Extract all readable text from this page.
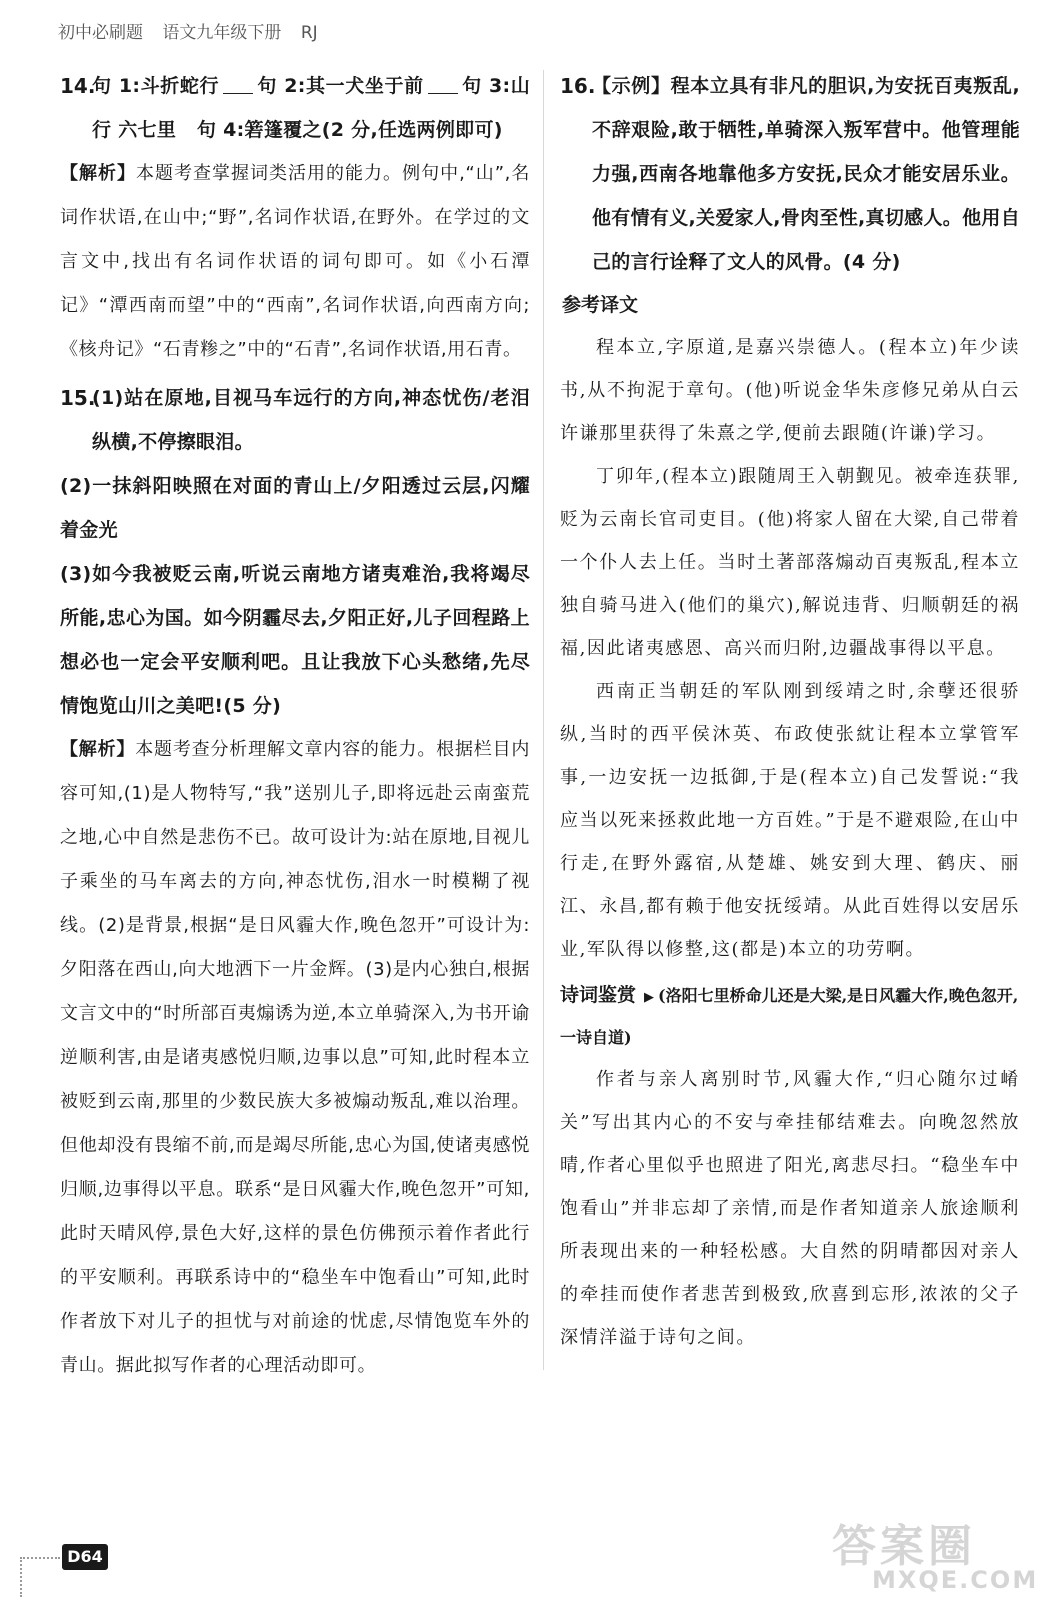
初中必刷题 语文九年级下册 RJ
14.
句 1:斗折蛇行 句 2:其一犬坐于前 句 3:山行 六七里 句 4:箬篷覆之(2 分,任选两例即可)
【解析】本题考查掌握词类活用的能力。例句中,“山”,名词作状语,在山中;“野”,名词作状语,在野外。在学过的文言文中,找出有名词作状语的词句即可。如《小石潭记》“潭西南而望”中的“西南”,名词作状语,向西南方向;《核舟记》“石青糁之”中的“石青”,名词作状语,用石青。
15.
(1)站在原地,目视马车远行的方向,神态忧伤/老泪纵横,不停擦眼泪。
(2)一抹斜阳映照在对面的青山上/夕阳透过云层,闪耀着金光
(3)如今我被贬云南,听说云南地方诸夷难治,我将竭尽所能,忠心为国。如今阴霾尽去,夕阳正好,儿子回程路上想必也一定会平安顺利吧。且让我放下心头愁绪,先尽情饱览山川之美吧!(5 分)
【解析】本题考查分析理解文章内容的能力。根据栏目内容可知,(1)是人物特写,“我”送别儿子,即将远赴云南蛮荒之地,心中自然是悲伤不已。故可设计为:站在原地,目视儿子乘坐的马车离去的方向,神态忧伤,泪水一时模糊了视线。(2)是背景,根据“是日风霾大作,晚色忽开”可设计为:夕阳落在西山,向大地洒下一片金辉。(3)是内心独白,根据文言文中的“时所部百夷煽诱为逆,本立单骑深入,为书开谕逆顺利害,由是诸夷感悦归顺,边事以息”可知,此时程本立被贬到云南,那里的少数民族大多被煽动叛乱,难以治理。但他却没有畏缩不前,而是竭尽所能,忠心为国,使诸夷感悦归顺,边事得以平息。联系“是日风霾大作,晚色忽开”可知,此时天晴风停,景色大好,这样的景色仿佛预示着作者此行的平安顺利。再联系诗中的“稳坐车中饱看山”可知,此时作者放下对儿子的担忧与对前途的忧虑,尽情饱览车外的青山。据此拟写作者的心理活动即可。
16.
【示例】程本立具有非凡的胆识,为安抚百夷叛乱,不辞艰险,敢于牺牲,单骑深入叛军营中。他管理能力强,西南各地靠他多方安抚,民众才能安居乐业。他有情有义,关爱家人,骨肉至性,真切感人。他用自己的言行诠释了文人的风骨。(4 分)
参考译文

程本立,字原道,是嘉兴崇德人。(程本立)年少读书,从不拘泥于章句。(他)听说金华朱彦修兄弟从白云许谦那里获得了朱熹之学,便前去跟随(许谦)学习。

丁卯年,(程本立)跟随周王入朝觐见。被牵连获罪,贬为云南长官司吏目。(他)将家人留在大梁,自己带着一个仆人去上任。当时土著部落煽动百夷叛乱,程本立独自骑马进入(他们的巢穴),解说违背、归顺朝廷的祸福,因此诸夷感恩、高兴而归附,边疆战事得以平息。

西南正当朝廷的军队刚到绥靖之时,余孽还很骄纵,当时的西平侯沐英、布政使张紞让程本立掌管军事,一边安抚一边抵御,于是(程本立)自己发誓说:“我应当以死来拯救此地一方百姓。”于是不避艰险,在山中行走,在野外露宿,从楚雄、姚安到大理、鹤庆、丽江、永昌,都有赖于他安抚绥靖。从此百姓得以安居乐业,军队得以修整,这(都是)本立的功劳啊。

诗词鉴赏 ▶ (洛阳七里桥命儿还是大梁,是日风霾大作,晚色忽开,一诗自道)

作者与亲人离别时节,风霾大作,“归心随尔过崤关”写出其内心的不安与牵挂郁结难去。向晚忽然放晴,作者心里似乎也照进了阳光,离悲尽扫。“稳坐车中饱看山”并非忘却了亲情,而是作者知道亲人旅途顺利所表现出来的一种轻松感。大自然的阴晴都因对亲人的牵挂而使作者悲苦到极致,欣喜到忘形,浓浓的父子深情洋溢于诗句之间。

D64	答案圈
MXQE.COM
